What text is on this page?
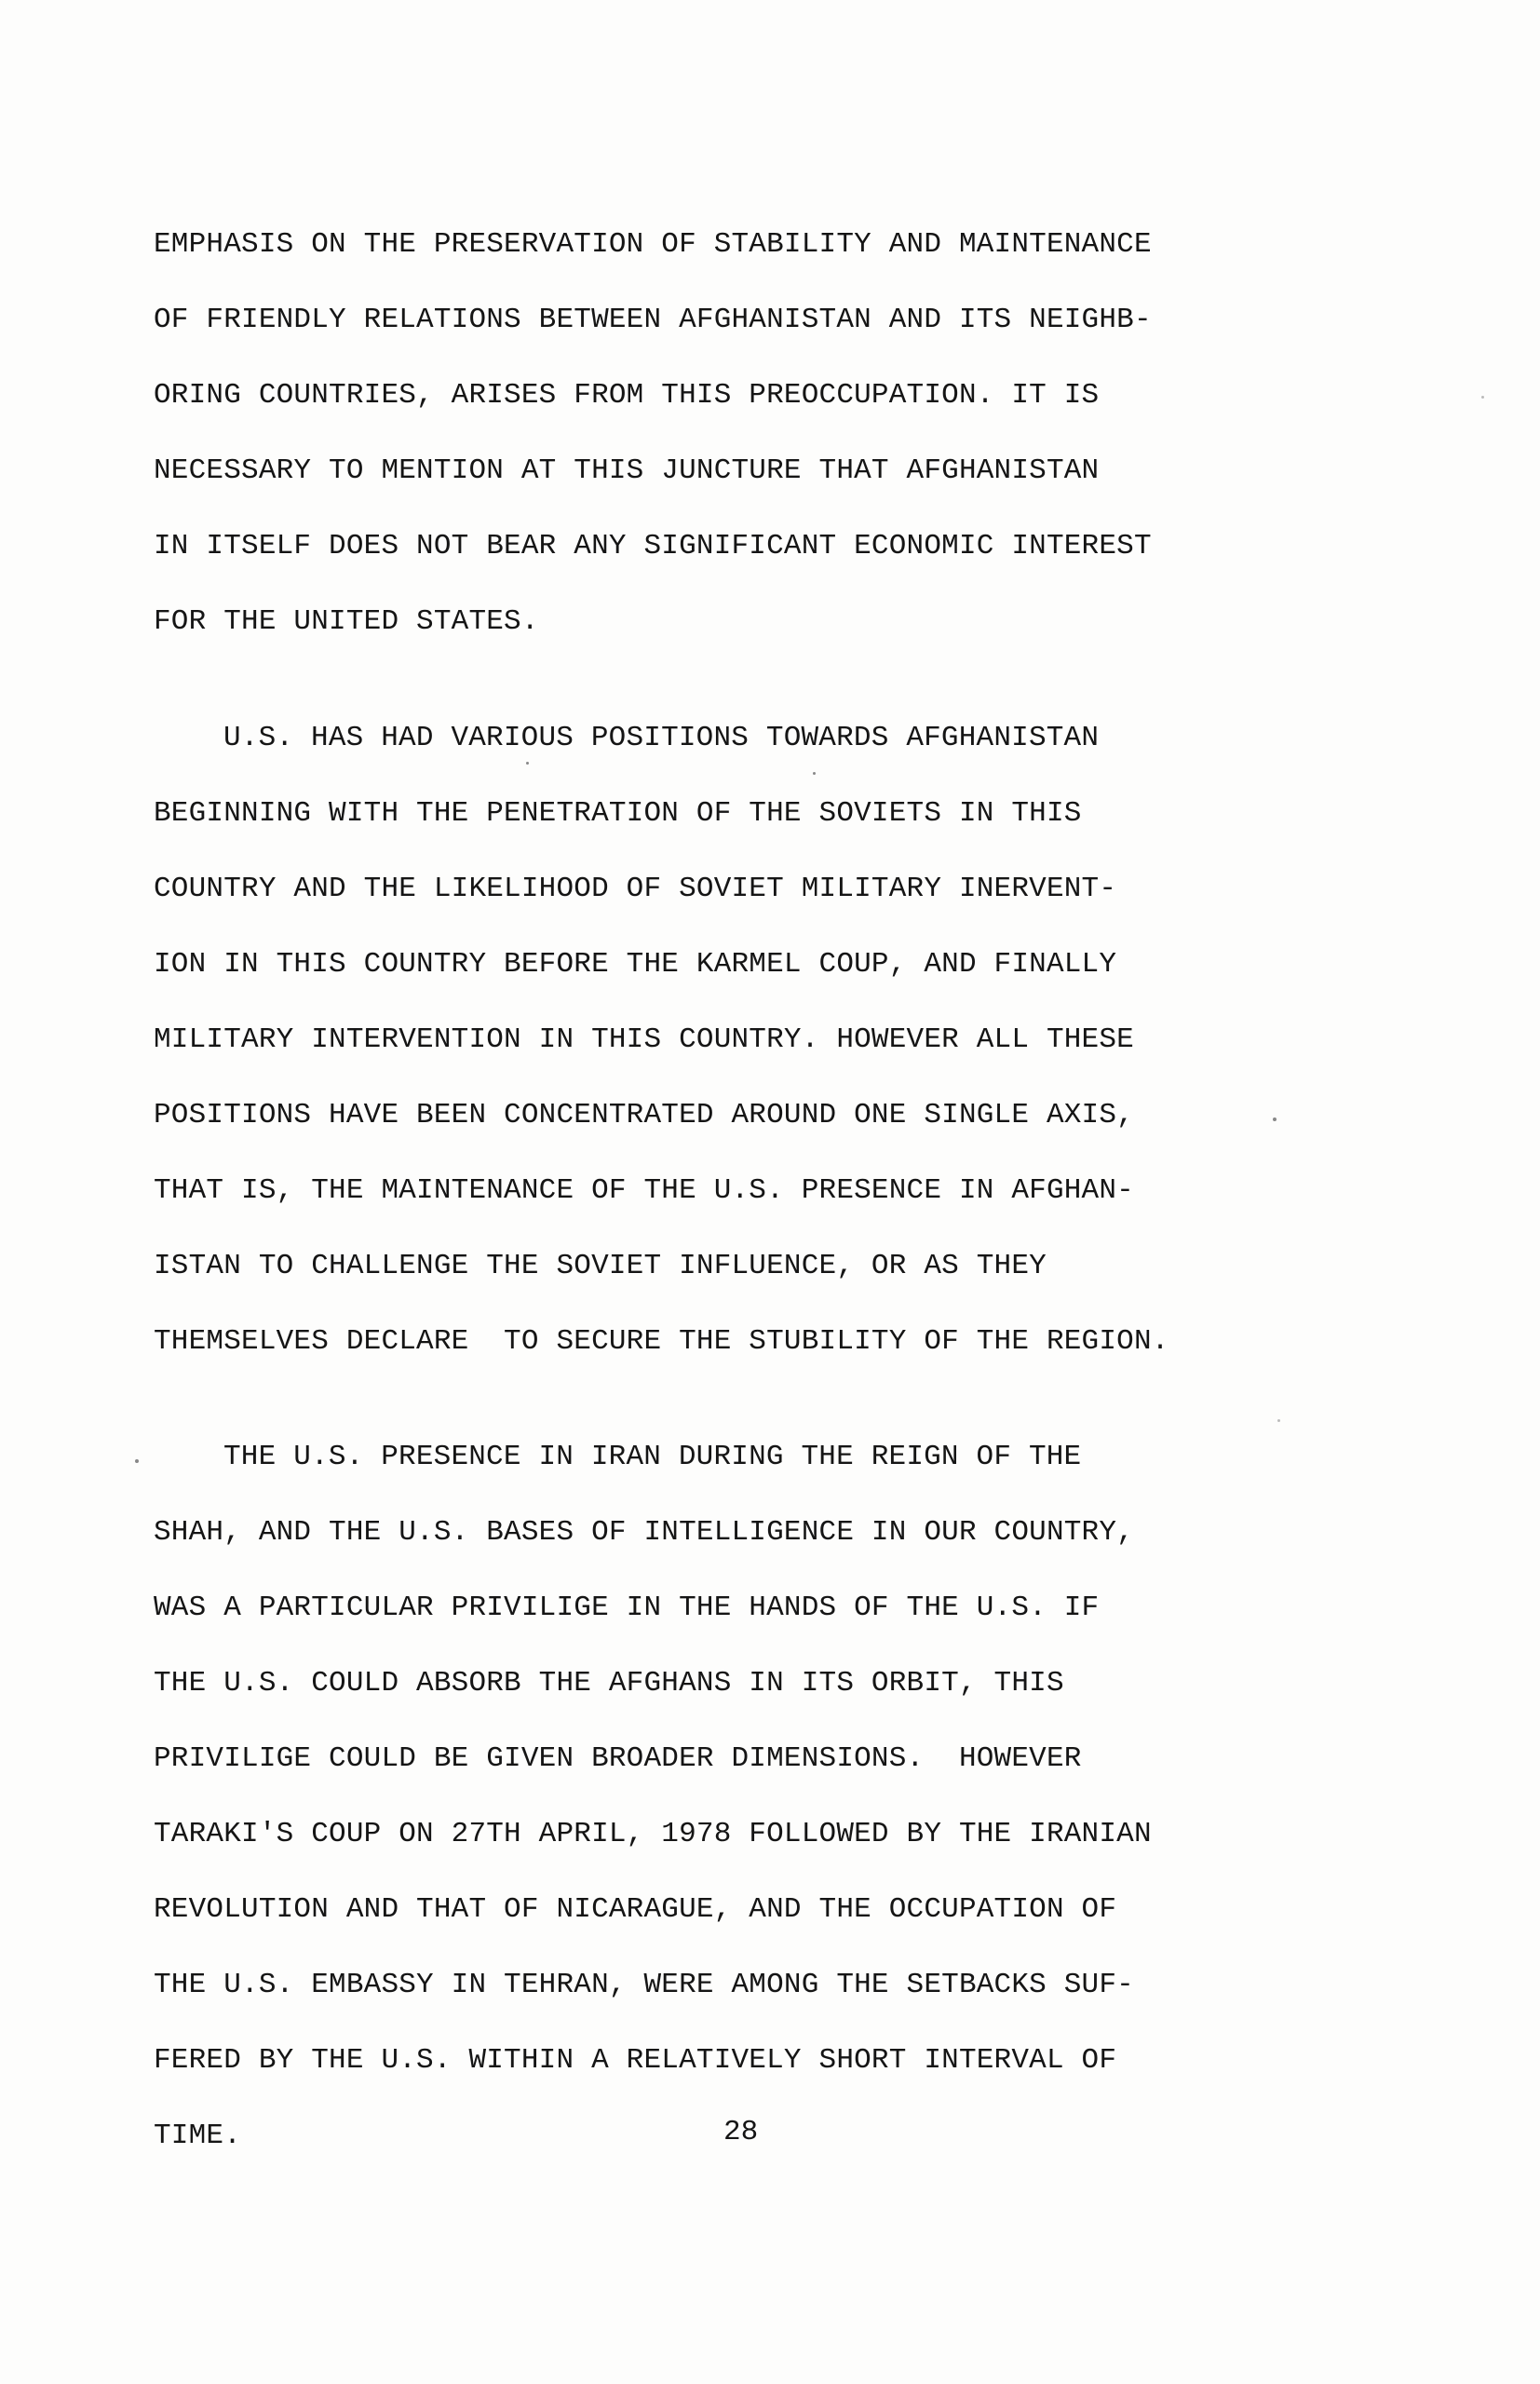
EMPHASIS ON THE PRESERVATION OF STABILITY AND MAINTENANCE
OF FRIENDLY RELATIONS BETWEEN AFGHANISTAN AND ITS NEIGHB-
ORING COUNTRIES, ARISES FROM THIS PREOCCUPATION. IT IS
NECESSARY TO MENTION AT THIS JUNCTURE THAT AFGHANISTAN
IN ITSELF DOES NOT BEAR ANY SIGNIFICANT ECONOMIC INTEREST
FOR THE UNITED STATES.
U.S. HAS HAD VARIOUS POSITIONS TOWARDS AFGHANISTAN
BEGINNING WITH THE PENETRATION OF THE SOVIETS IN THIS
COUNTRY AND THE LIKELIHOOD OF SOVIET MILITARY INERVENT-
ION IN THIS COUNTRY BEFORE THE KARMEL COUP, AND FINALLY
MILITARY INTERVENTION IN THIS COUNTRY. HOWEVER ALL THESE
POSITIONS HAVE BEEN CONCENTRATED AROUND ONE SINGLE AXIS,
THAT IS, THE MAINTENANCE OF THE U.S. PRESENCE IN AFGHAN-
ISTAN TO CHALLENGE THE SOVIET INFLUENCE, OR AS THEY
THEMSELVES DECLARE  TO SECURE THE STUBILITY OF THE REGION.
THE U.S. PRESENCE IN IRAN DURING THE REIGN OF THE
SHAH, AND THE U.S. BASES OF INTELLIGENCE IN OUR COUNTRY,
WAS A PARTICULAR PRIVILIGE IN THE HANDS OF THE U.S. IF
THE U.S. COULD ABSORB THE AFGHANS IN ITS ORBIT, THIS
PRIVILIGE COULD BE GIVEN BROADER DIMENSIONS.  HOWEVER
TARAKI'S COUP ON 27TH APRIL, 1978 FOLLOWED BY THE IRANIAN
REVOLUTION AND THAT OF NICARAGUE, AND THE OCCUPATION OF
THE U.S. EMBASSY IN TEHRAN, WERE AMONG THE SETBACKS SUF-
FERED BY THE U.S. WITHIN A RELATIVELY SHORT INTERVAL OF
TIME.	28
